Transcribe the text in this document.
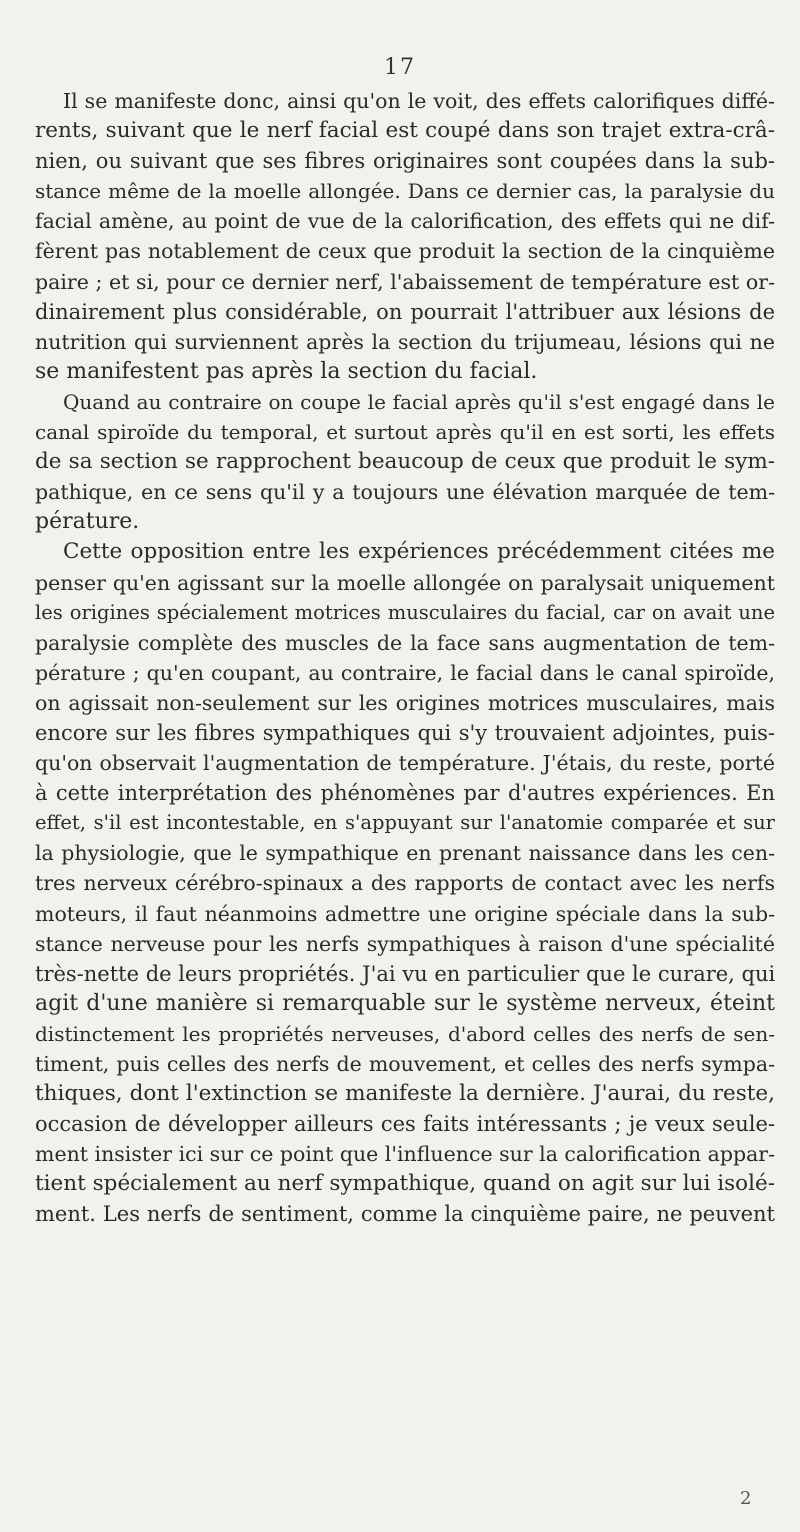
17
Il se manifeste donc, ainsi qu'on le voit, des effets calorifiques diffé-
rents, suivant que le nerf facial est coupé dans son trajet extra-crâ-
nien, ou suivant que ses fibres originaires sont coupées dans la sub-
stance même de la moelle allongée. Dans ce dernier cas, la paralysie du
facial amène, au point de vue de la calorification, des effets qui ne dif-
fèrent pas notablement de ceux que produit la section de la cinquième
paire ; et si, pour ce dernier nerf, l'abaissement de température est or-
dinairement plus considérable, on pourrait l'attribuer aux lésions de
nutrition qui surviennent après la section du trijumeau, lésions qui ne
se manifestent pas après la section du facial.
Quand au contraire on coupe le facial après qu'il s'est engagé dans le
canal spiroïde du temporal, et surtout après qu'il en est sorti, les effets
de sa section se rapprochent beaucoup de ceux que produit le sym-
pathique, en ce sens qu'il y a toujours une élévation marquée de tem-
pérature.
Cette opposition entre les expériences précédemment citées me
penser qu'en agissant sur la moelle allongée on paralysait uniquement
les origines spécialement motrices musculaires du facial, car on avait une
paralysie complète des muscles de la face sans augmentation de tem-
pérature ; qu'en coupant, au contraire, le facial dans le canal spiroïde,
on agissait non-seulement sur les origines motrices musculaires, mais
encore sur les fibres sympathiques qui s'y trouvaient adjointes, puis-
qu'on observait l'augmentation de température. J'étais, du reste, porté
à cette interprétation des phénomènes par d'autres expériences. En
effet, s'il est incontestable, en s'appuyant sur l'anatomie comparée et sur
la physiologie, que le sympathique en prenant naissance dans les cen-
tres nerveux cérébro-spinaux a des rapports de contact avec les nerfs
moteurs, il faut néanmoins admettre une origine spéciale dans la sub-
stance nerveuse pour les nerfs sympathiques à raison d'une spécialité
très-nette de leurs propriétés. J'ai vu en particulier que le curare, qui
agit d'une manière si remarquable sur le système nerveux, éteint
distinctement les propriétés nerveuses, d'abord celles des nerfs de sen-
timent, puis celles des nerfs de mouvement, et celles des nerfs sympa-
thiques, dont l'extinction se manifeste la dernière. J'aurai, du reste,
occasion de développer ailleurs ces faits intéressants ; je veux seule-
ment insister ici sur ce point que l'influence sur la calorification appar-
tient spécialement au nerf sympathique, quand on agit sur lui isolé-
ment. Les nerfs de sentiment, comme la cinquième paire, ne peuvent
2
